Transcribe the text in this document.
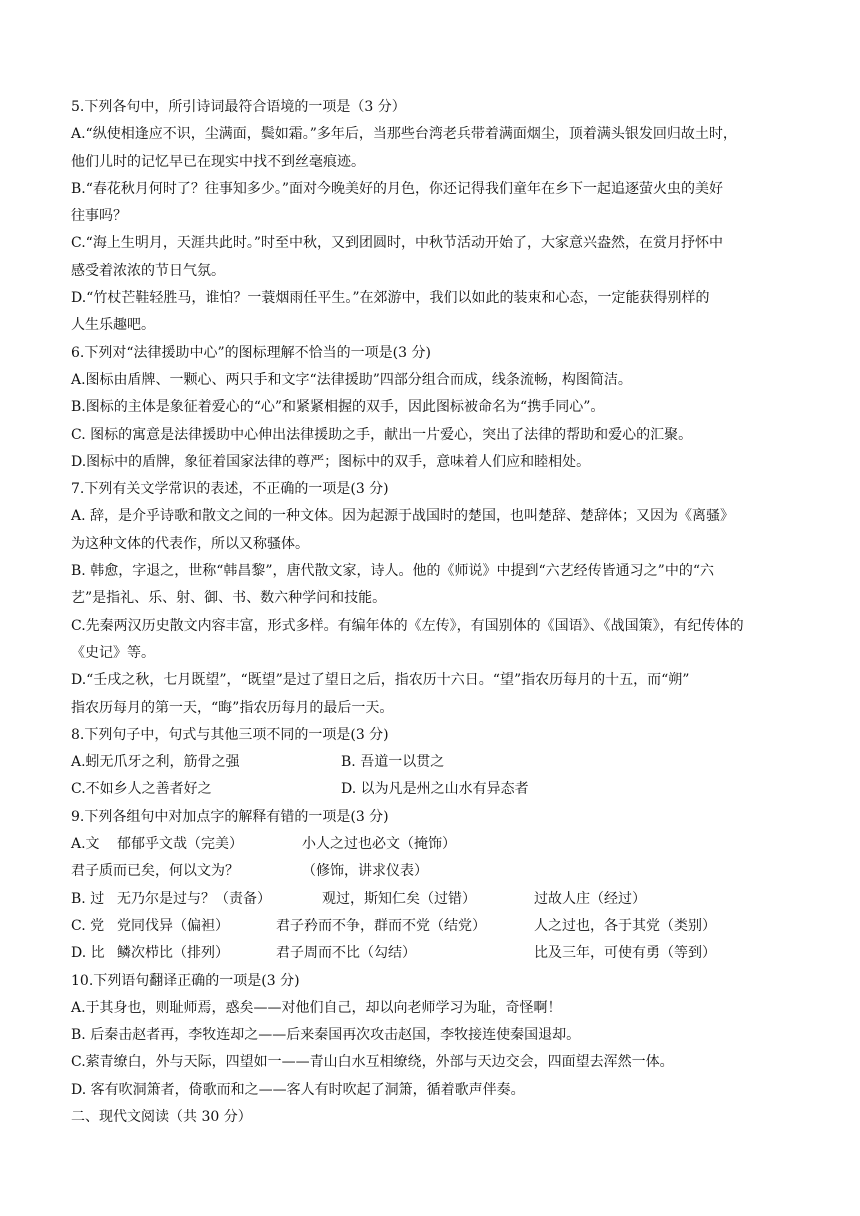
5.下列各句中，所引诗词最符合语境的一项是（3 分）
A.“纵使相逢应不识，尘满面，鬓如霜。”多年后，当那些台湾老兵带着满面烟尘，顶着满头银发回归故土时，
他们儿时的记忆早已在现实中找不到丝毫痕迹。
B.“春花秋月何时了？往事知多少。”面对今晚美好的月色，你还记得我们童年在乡下一起追逐萤火虫的美好
往事吗？
C.“海上生明月，天涯共此时。”时至中秋，又到团圆时，中秋节活动开始了，大家意兴盎然，在赏月抒怀中
感受着浓浓的节日气氛。
D.“竹杖芒鞋轻胜马，谁怕？一蓑烟雨任平生。”在郊游中，我们以如此的装束和心态，一定能获得别样的
人生乐趣吧。
6.下列对“法律援助中心”的图标理解不恰当的一项是(3 分)
A.图标由盾牌、一颗心、两只手和文字“法律援助”四部分组合而成，线条流畅，构图简洁。
B.图标的主体是象征着爱心的“心”和紧紧相握的双手，因此图标被命名为“携手同心”。
C. 图标的寓意是法律援助中心伸出法律援助之手，献出一片爱心，突出了法律的帮助和爱心的汇聚。
D.图标中的盾牌，象征着国家法律的尊严；图标中的双手，意味着人们应和睦相处。
7.下列有关文学常识的表述，不正确的一项是(3 分)
A. 辞，是介乎诗歌和散文之间的一种文体。因为起源于战国时的楚国，也叫楚辞、楚辞体；又因为《离骚》
为这种文体的代表作，所以又称骚体。
B. 韩愈，字退之，世称“韩昌黎”，唐代散文家，诗人。他的《师说》中提到“六艺经传皆通习之”中的“六
艺”是指礼、乐、射、御、书、数六种学问和技能。
C.先秦两汉历史散文内容丰富，形式多样。有编年体的《左传》，有国别体的《国语》、《战国策》，有纪传体的
《史记》等。
D.“壬戌之秋，七月既望”，“既望”是过了望日之后，指农历十六日。“望”指农历每月的十五，而“朔”
指农历每月的第一天，“晦”指农历每月的最后一天。
8.下列句子中，句式与其他三项不同的一项是(3 分)
A.蚓无爪牙之利，筋骨之强	B. 吾道一以贯之
C.不如乡人之善者好之	D. 以为凡是州之山水有异态者
9.下列各组句中对加点字的解释有错的一项是(3 分)
A.文 郁郁乎文哉（完美）	小人之过也必文（掩饰）
君子质而已矣，何以文为？	（修饰，讲求仪表）
B. 过 无乃尔是过与？（责备）	观过，斯知仁矣（过错）	过故人庄（经过）
C. 党 党同伐异（偏袒）	君子矜而不争，群而不党（结党）	人之过也，各于其党（类别）
D. 比 鳞次栉比（排列）	君子周而不比（勾结）	比及三年，可使有勇（等到）
10.下列语句翻译正确的一项是(3 分)
A.于其身也，则耻师焉，惑矣——对他们自己，却以向老师学习为耻，奇怪啊！
B. 后秦击赵者再，李牧连却之——后来秦国再次攻击赵国，李牧接连使秦国退却。
C.萦青缭白，外与天际，四望如一——青山白水互相缭绕，外部与天边交会，四面望去浑然一体。
D. 客有吹洞箫者，倚歌而和之——客人有时吹起了洞箫，循着歌声伴奏。
二、现代文阅读（共 30 分）
